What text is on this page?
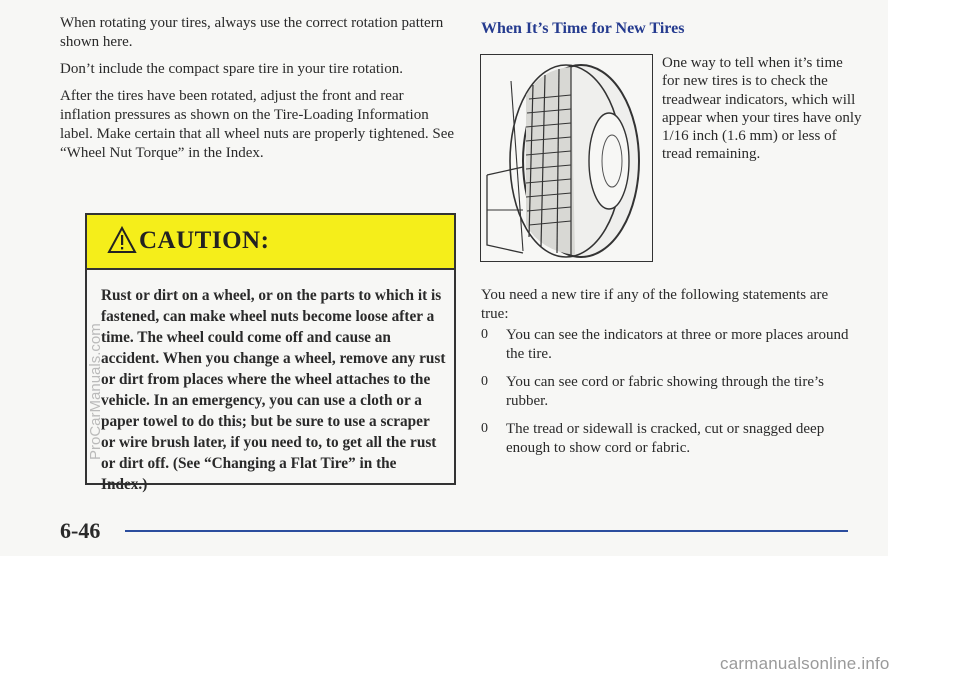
When rotating your tires, always use the correct rotation pattern shown here.

Don’t include the compact spare tire in your tire rotation.

After the tires have been rotated, adjust the front and rear inflation pressures as shown on the Tire-Loading Information label. Make certain that all wheel nuts are properly tightened. See “Wheel Nut Torque” in the Index.

CAUTION:

Rust or dirt on a wheel, or on the parts to which it is fastened, can make wheel nuts become loose after a time. The wheel could come off and cause an accident. When you change a wheel, remove any rust or dirt from places where the wheel attaches to the vehicle. In an emergency, you can use a cloth or a paper towel to do this; but be sure to use a scraper or wire brush later, if you need to, to get all the rust or dirt off. (See “Changing a Flat Tire” in the Index.)

When It’s Time for New Tires

One way to tell when it’s time for new tires is to check the treadwear indicators, which will appear when your tires have only 1/16 inch (1.6 mm) or less of tread remaining.

You need a new tire if any of the following statements are true:

0 You can see the indicators at three or more places around the tire.
0 You can see cord or fabric showing through the tire’s rubber.
0 The tread or sidewall is cracked, cut or snagged deep enough to show cord or fabric.
6-46
ProCarManuals.com
carmanualsonline.info
